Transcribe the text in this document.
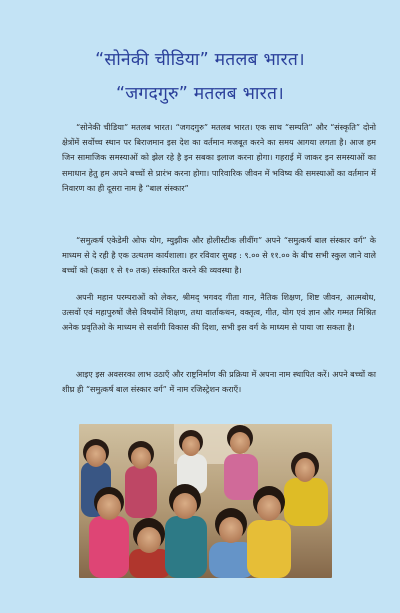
“सोनेकी चीडिया” मतलब भारत।
“जगदगुरु” मतलब भारत।

“सोनेकी चीडिया” मतलब भारत। “जगदगुरु” मतलब भारत। एक साथ “सम्पति” और “संस्कृति” दोनो क्षेत्रोंमें सर्वोच्च स्थान पर बिराजमान इस देश का वर्तमान मजबूत करने का समय आगया लगता है। आज हम जिन सामाजिक समस्याओं को झेल रहे है इन सबका इलाज करना होगा। गहराई में जाकर इन समस्याओं का समाधान हेतु हम अपने बच्चों से प्रारंभ करना होगा। पारिवारिक जीवन में भविष्य की समस्याओं का वर्तमान में निवारण का ही दूसरा नाम है “बाल संस्कार”

“समुत्कर्ष एकेडेमी ओफ योग, म्युझीक और होलीस्टीक लीवींग” अपने “समुत्कर्ष बाल संस्कार वर्ग” के माध्यम से दे रही है एक उत्थतम कार्यशाला। हर रविवार सुबह : ९.०० से ११.०० के बीच सभी स्कुल जाने वाले बच्चों को (कक्षा १ से १० तक) संस्कारित करने की व्यवस्था है।

अपनी महान परम्पराओं को लेकर, श्रीमद् भगवद गीता गान, नैतिक शिक्षण, शिष्ट जीवन, आत्मबोध, उत्सवों एवं महापुरुषों जैसे विषयोंमें शिक्षण, तथा वार्ताकथन, वक्तृत्व, गीत, योग एवं ज्ञान और गम्मत मिश्रित अनेक प्रवृतिओ के माध्यम से सर्वागी विकास की दिशा, सभी इस वर्ग के माध्यम से पाया जा सकता है।

आइए इस अवसरका लाभ उठाएँ और राष्ट्रनिर्माण की प्रक्रिया में अपना नाम स्थापित करें। अपने बच्चों का शीघ्र ही “समुत्कर्ष बाल संस्कार वर्ग” में नाम रजिस्ट्रेशन कराएँ।
